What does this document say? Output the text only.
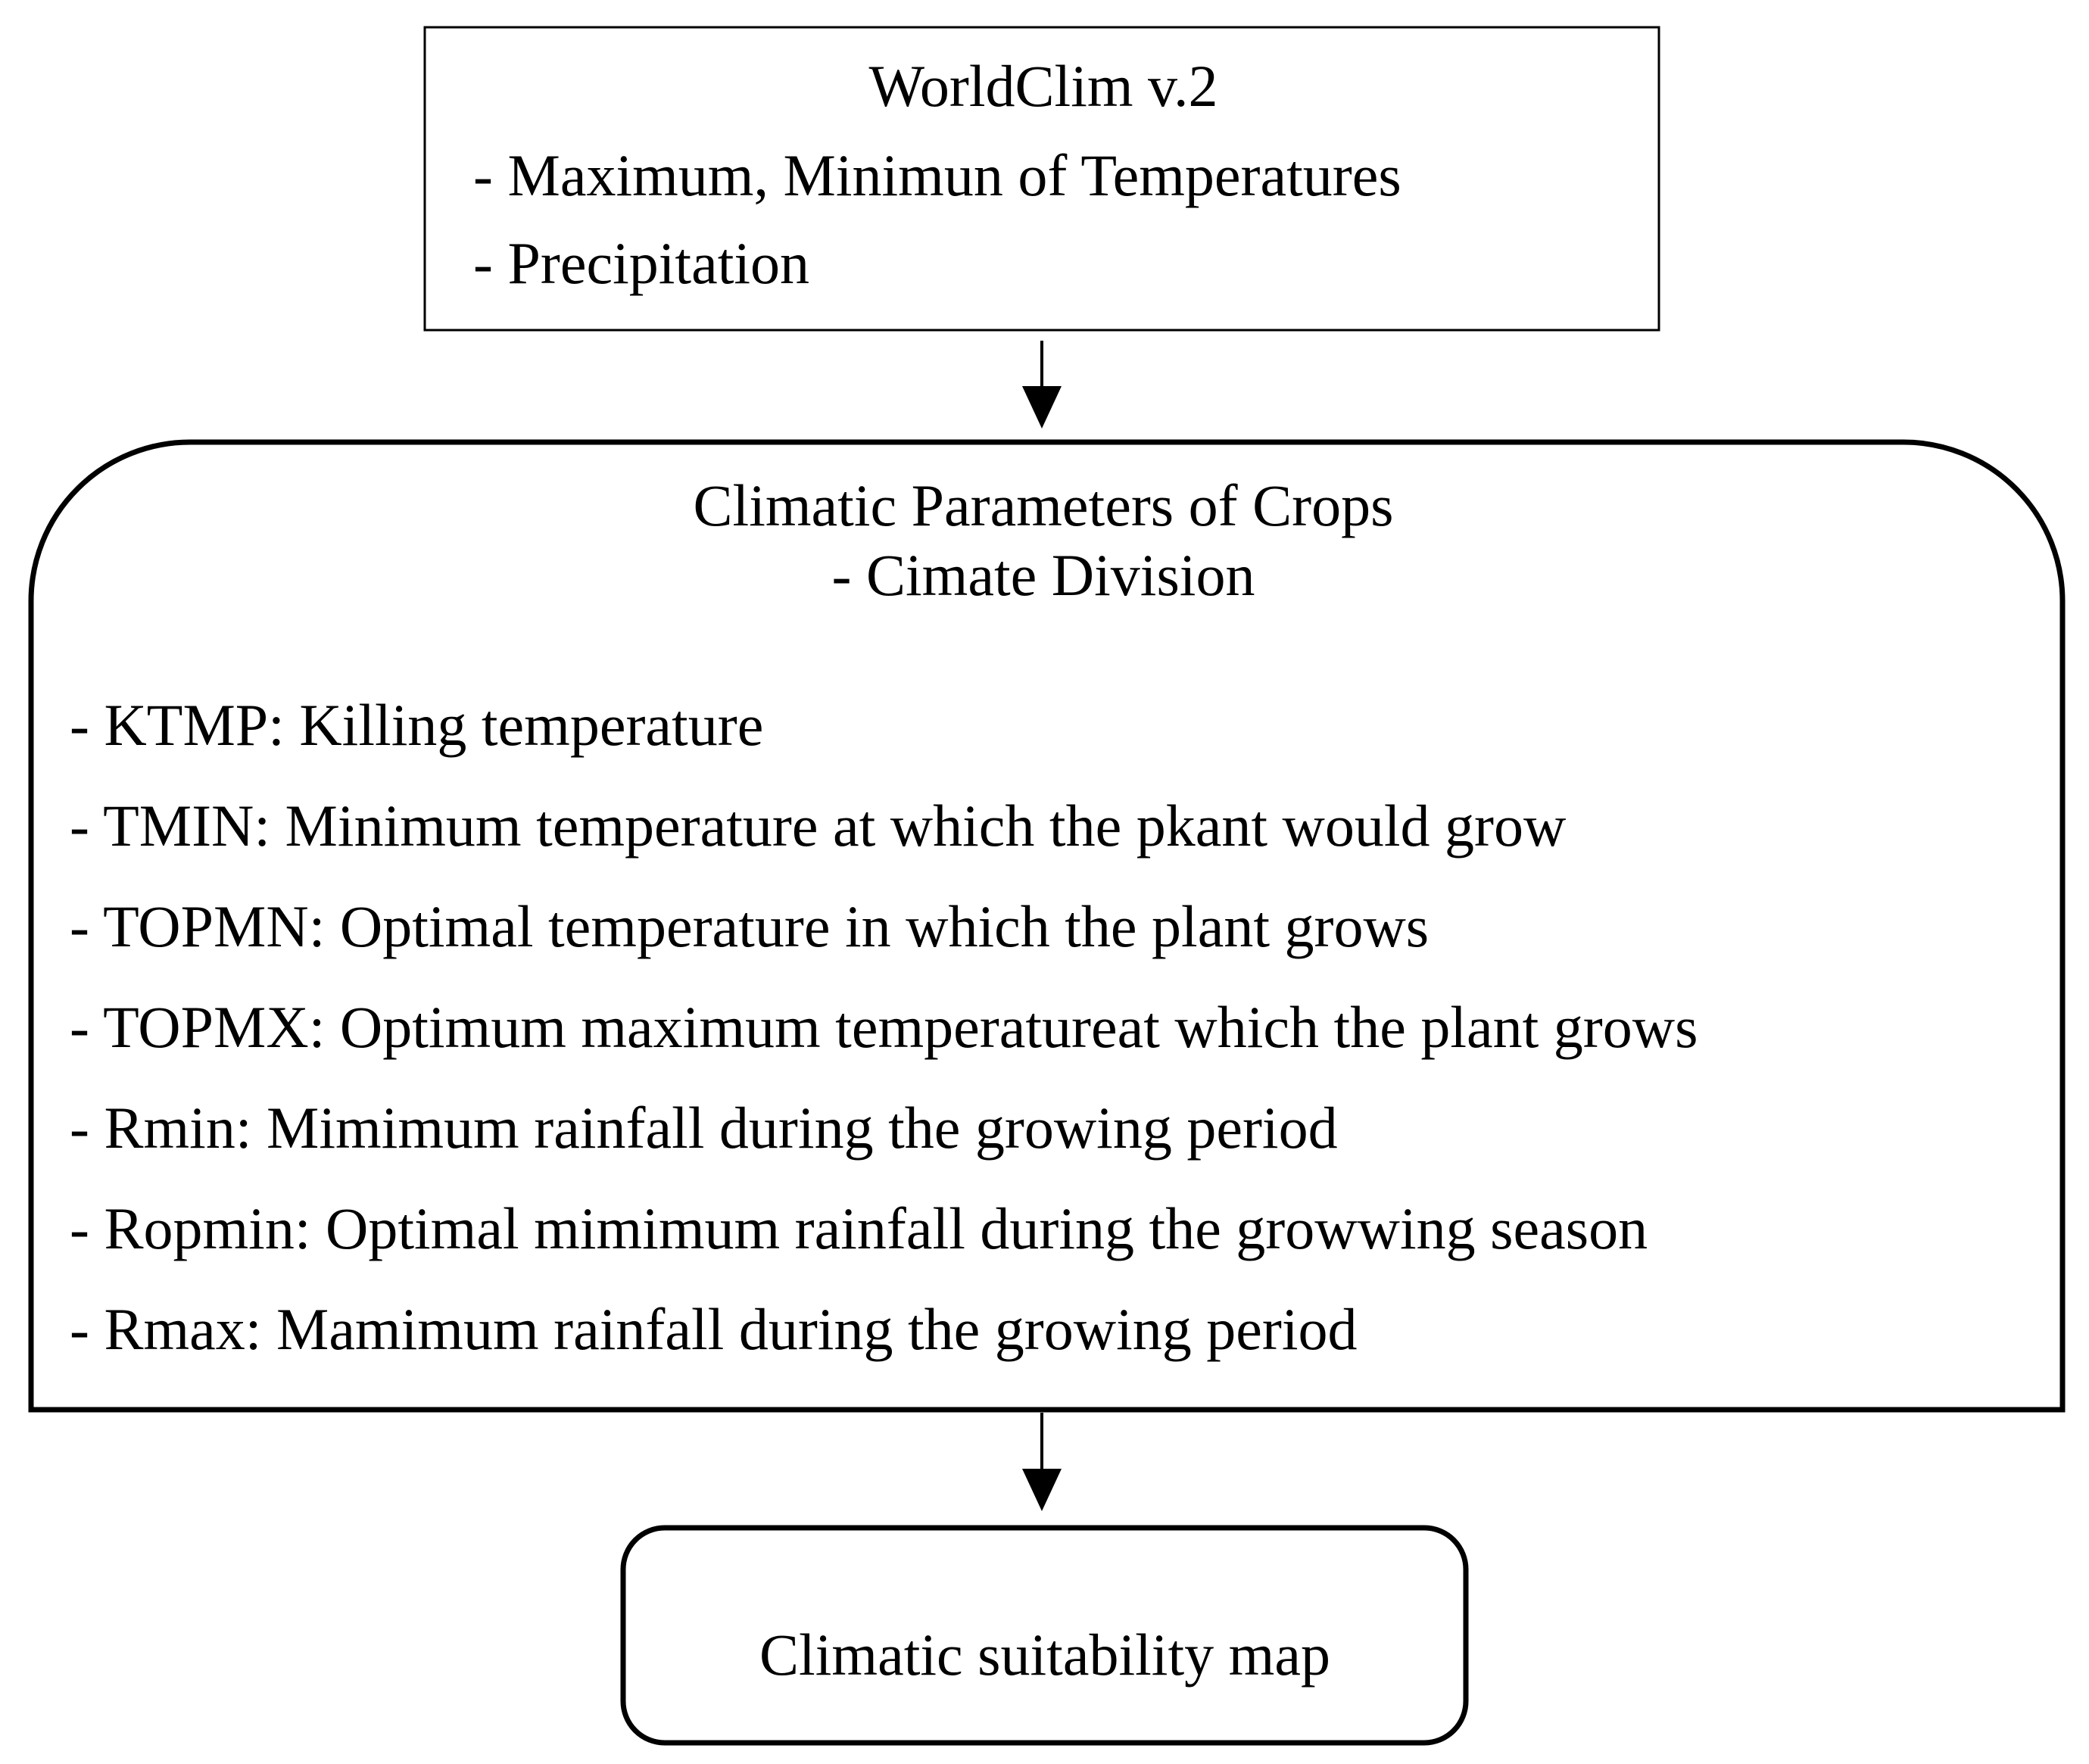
WorldClim v.2
- Maximum, Minimun of Temperatures
- Precipitation
Climatic Parameters of Crops
- Cimate Division
- KTMP: Killing temperature
- TMIN: Minimum temperature at which the pkant would grow
- TOPMN: Optimal temperature in which the plant grows
- TOPMX: Optimum maximum temperatureat which the plant grows
- Rmin: Mimimum rainfall during the growing period
- Ropmin: Optimal mimimum rainfall during the growwing season
- Rmax: Mamimum rainfall during the growing period
Climatic suitability map
